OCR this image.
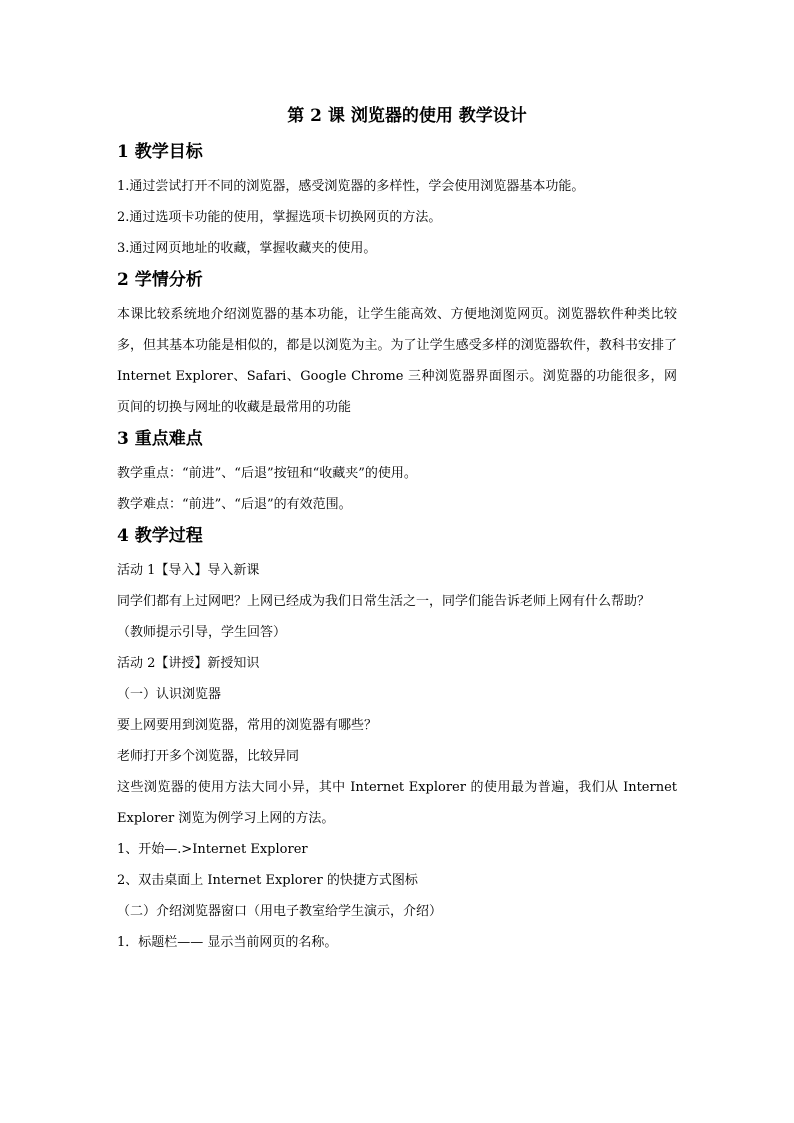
第 2 课 浏览器的使用 教学设计
1 教学目标
1.通过尝试打开不同的浏览器，感受浏览器的多样性，学会使用浏览器基本功能。
2.通过选项卡功能的使用，掌握选项卡切换网页的方法。
3.通过网页地址的收藏，掌握收藏夹的使用。
2 学情分析
本课比较系统地介绍浏览器的基本功能，让学生能高效、方便地浏览网页。浏览器软件种类比较多，但其基本功能是相似的，都是以浏览为主。为了让学生感受多样的浏览器软件，教科书安排了 Internet Explorer、Safari、Google Chrome 三种浏览器界面图示。浏览器的功能很多，网页间的切换与网址的收藏是最常用的功能
3 重点难点
教学重点：“前进”、“后退”按钮和“收藏夹”的使用。
教学难点：“前进”、“后退”的有效范围。
4 教学过程
活动 1【导入】导入新课
同学们都有上过网吧？上网已经成为我们日常生活之一，同学们能告诉老师上网有什么帮助？
（教师提示引导，学生回答）
活动 2【讲授】新授知识
（一）认识浏览器
要上网要用到浏览器，常用的浏览器有哪些？
老师打开多个浏览器，比较异同
这些浏览器的使用方法大同小异，其中 Internet Explorer 的使用最为普遍，我们从 Internet Explorer 浏览为例学习上网的方法。
1、开始—.>Internet Explorer
2、双击桌面上 Internet Explorer 的快捷方式图标
（二）介绍浏览器窗口（用电子教室给学生演示，介绍）
1．标题栏—— 显示当前网页的名称。
